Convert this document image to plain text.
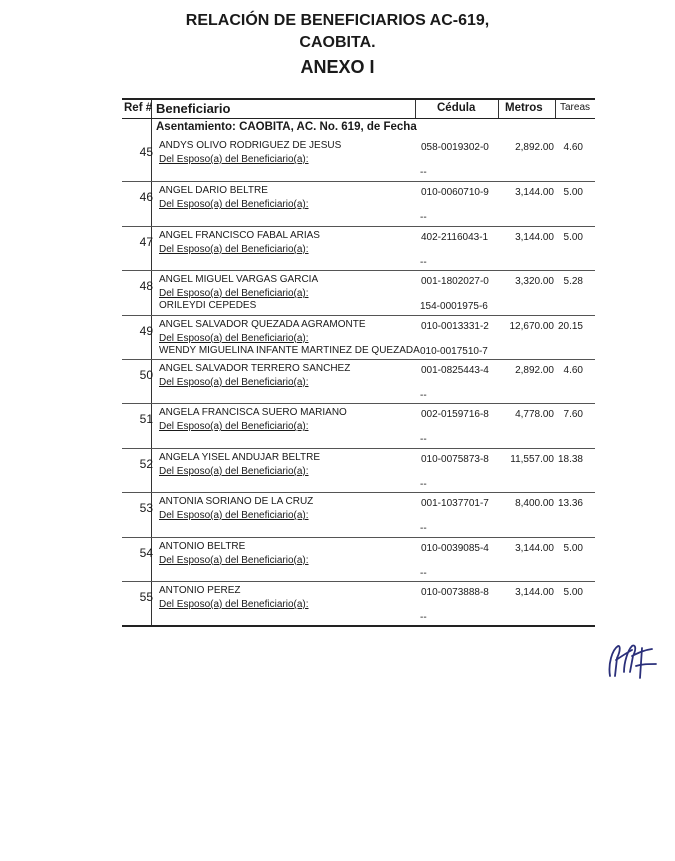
RELACIÓN DE BENEFICIARIOS AC-619,
CAOBITA.
ANEXO I
Ref # Beneficiario	Cédula	Metros Tareas
Asentamiento: CAOBITA, AC. No. 619, de Fecha
45 ANDYS OLIVO RODRIGUEZ DE JESUS	058-0019302-0	2,892.00 4.60
Del Esposo(a) del Beneficiario(a):
--
46 ANGEL DARIO BELTRE	010-0060710-9	3,144.00 5.00
Del Esposo(a) del Beneficiario(a):
--
47 ANGEL FRANCISCO FABAL ARIAS	402-2116043-1	3,144.00 5.00
Del Esposo(a) del Beneficiario(a):
--
48 ANGEL MIGUEL VARGAS GARCIA	001-1802027-0	3,320.00 5.28
Del Esposo(a) del Beneficiario(a):
ORILEYDI CEPEDES	154-0001975-6
49 ANGEL SALVADOR QUEZADA AGRAMONTE	010-0013331-2	12,670.00 20.15
Del Esposo(a) del Beneficiario(a):
WENDY MIGUELINA INFANTE MARTINEZ DE QUEZADA 010-0017510-7
50 ANGEL SALVADOR TERRERO SANCHEZ	001-0825443-4	2,892.00 4.60
Del Esposo(a) del Beneficiario(a):
--
51 ANGELA FRANCISCA SUERO MARIANO	002-0159716-8	4,778.00 7.60
Del Esposo(a) del Beneficiario(a):
--
52 ANGELA YISEL ANDUJAR BELTRE	010-0075873-8	11,557.00 18.38
Del Esposo(a) del Beneficiario(a):
--
53 ANTONIA SORIANO DE LA CRUZ	001-1037701-7	8,400.00 13.36
Del Esposo(a) del Beneficiario(a):
--
54 ANTONIO BELTRE	010-0039085-4	3,144.00 5.00
Del Esposo(a) del Beneficiario(a):
--
55 ANTONIO PEREZ	010-0073888-8	3,144.00 5.00
Del Esposo(a) del Beneficiario(a):
--
